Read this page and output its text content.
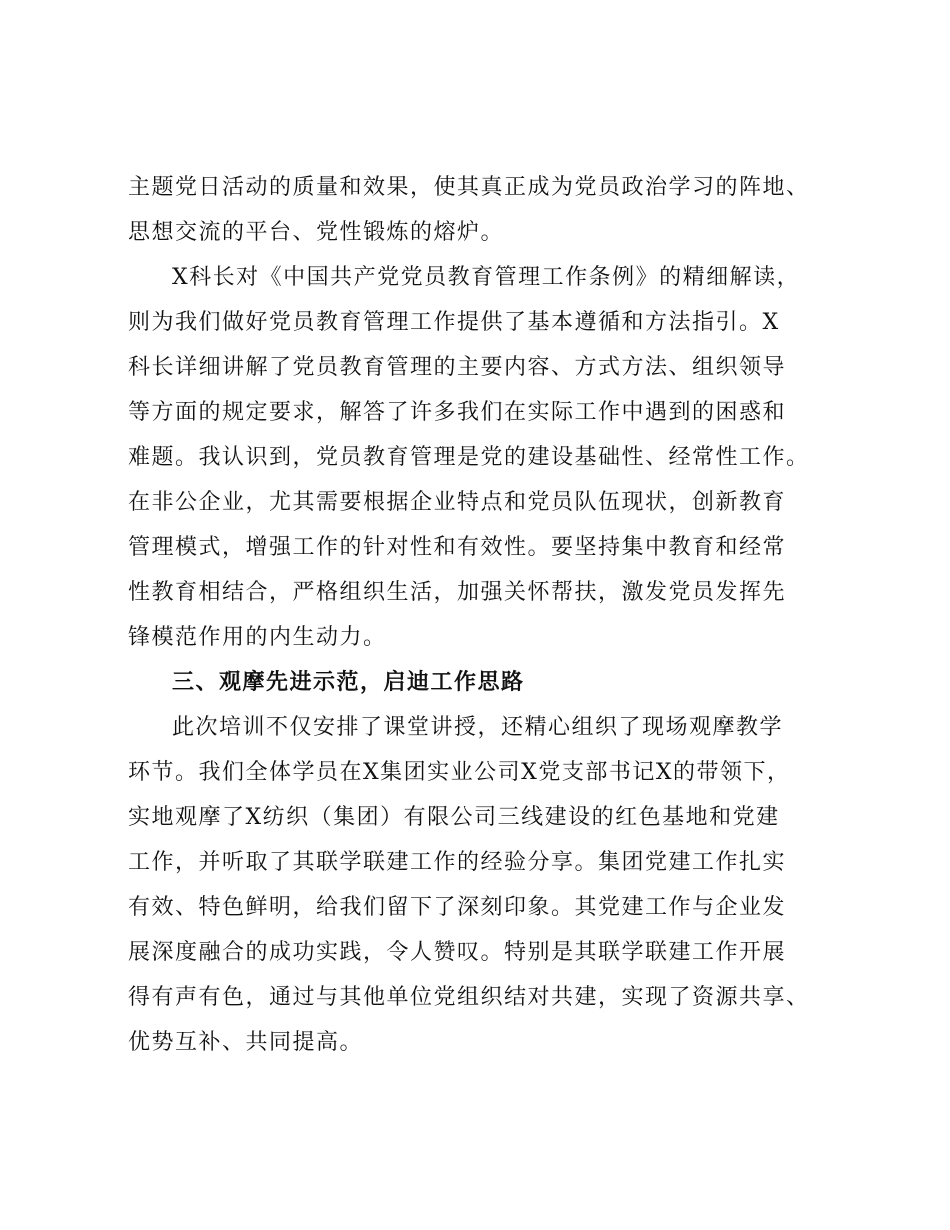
主题党日活动的质量和效果，使其真正成为党员政治学习的阵地、
思想交流的平台、党性锻炼的熔炉。
X科长对《中国共产党党员教育管理工作条例》的精细解读，
则为我们做好党员教育管理工作提供了基本遵循和方法指引。X
科长详细讲解了党员教育管理的主要内容、方式方法、组织领导
等方面的规定要求，解答了许多我们在实际工作中遇到的困惑和
难题。我认识到，党员教育管理是党的建设基础性、经常性工作。
在非公企业，尤其需要根据企业特点和党员队伍现状，创新教育
管理模式，增强工作的针对性和有效性。要坚持集中教育和经常
性教育相结合，严格组织生活，加强关怀帮扶，激发党员发挥先
锋模范作用的内生动力。
三、观摩先进示范，启迪工作思路
此次培训不仅安排了课堂讲授，还精心组织了现场观摩教学
环节。我们全体学员在X集团实业公司X党支部书记X的带领下，
实地观摩了X纺织（集团）有限公司三线建设的红色基地和党建
工作，并听取了其联学联建工作的经验分享。集团党建工作扎实
有效、特色鲜明，给我们留下了深刻印象。其党建工作与企业发
展深度融合的成功实践，令人赞叹。特别是其联学联建工作开展
得有声有色，通过与其他单位党组织结对共建，实现了资源共享、
优势互补、共同提高。
